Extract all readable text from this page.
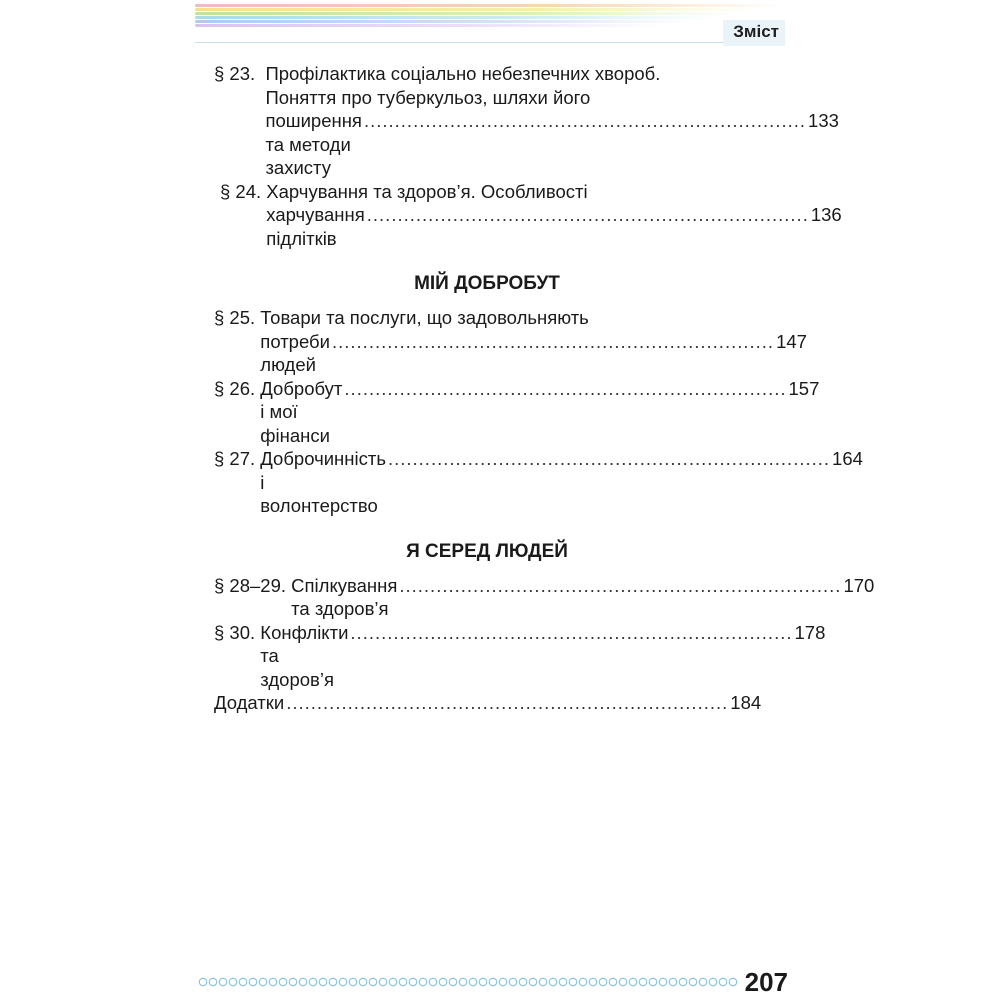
Зміст
§ 23. Профілактика соціально небезпечних хвороб.
Поняття про туберкульоз, шляхи його
поширення та методи захисту
........................................................................ 133
§ 24. Харчування та здоров’я. Особливості
харчування підлітків
........................................................................ 136
МІЙ ДОБРОБУТ
§ 25. Товари та послуги, що задовольняють
потреби людей
........................................................................ 147
§ 26. Добробут і мої фінанси
........................................................................ 157
§ 27. Доброчинність і волонтерство
........................................................................ 164
Я СЕРЕД ЛЮДЕЙ
§ 28–29. Спілкування та здоров’я
........................................................................ 170
§ 30. Конфлікти та здоров’я
........................................................................ 178
Додатки ........................................................................ 184
207
